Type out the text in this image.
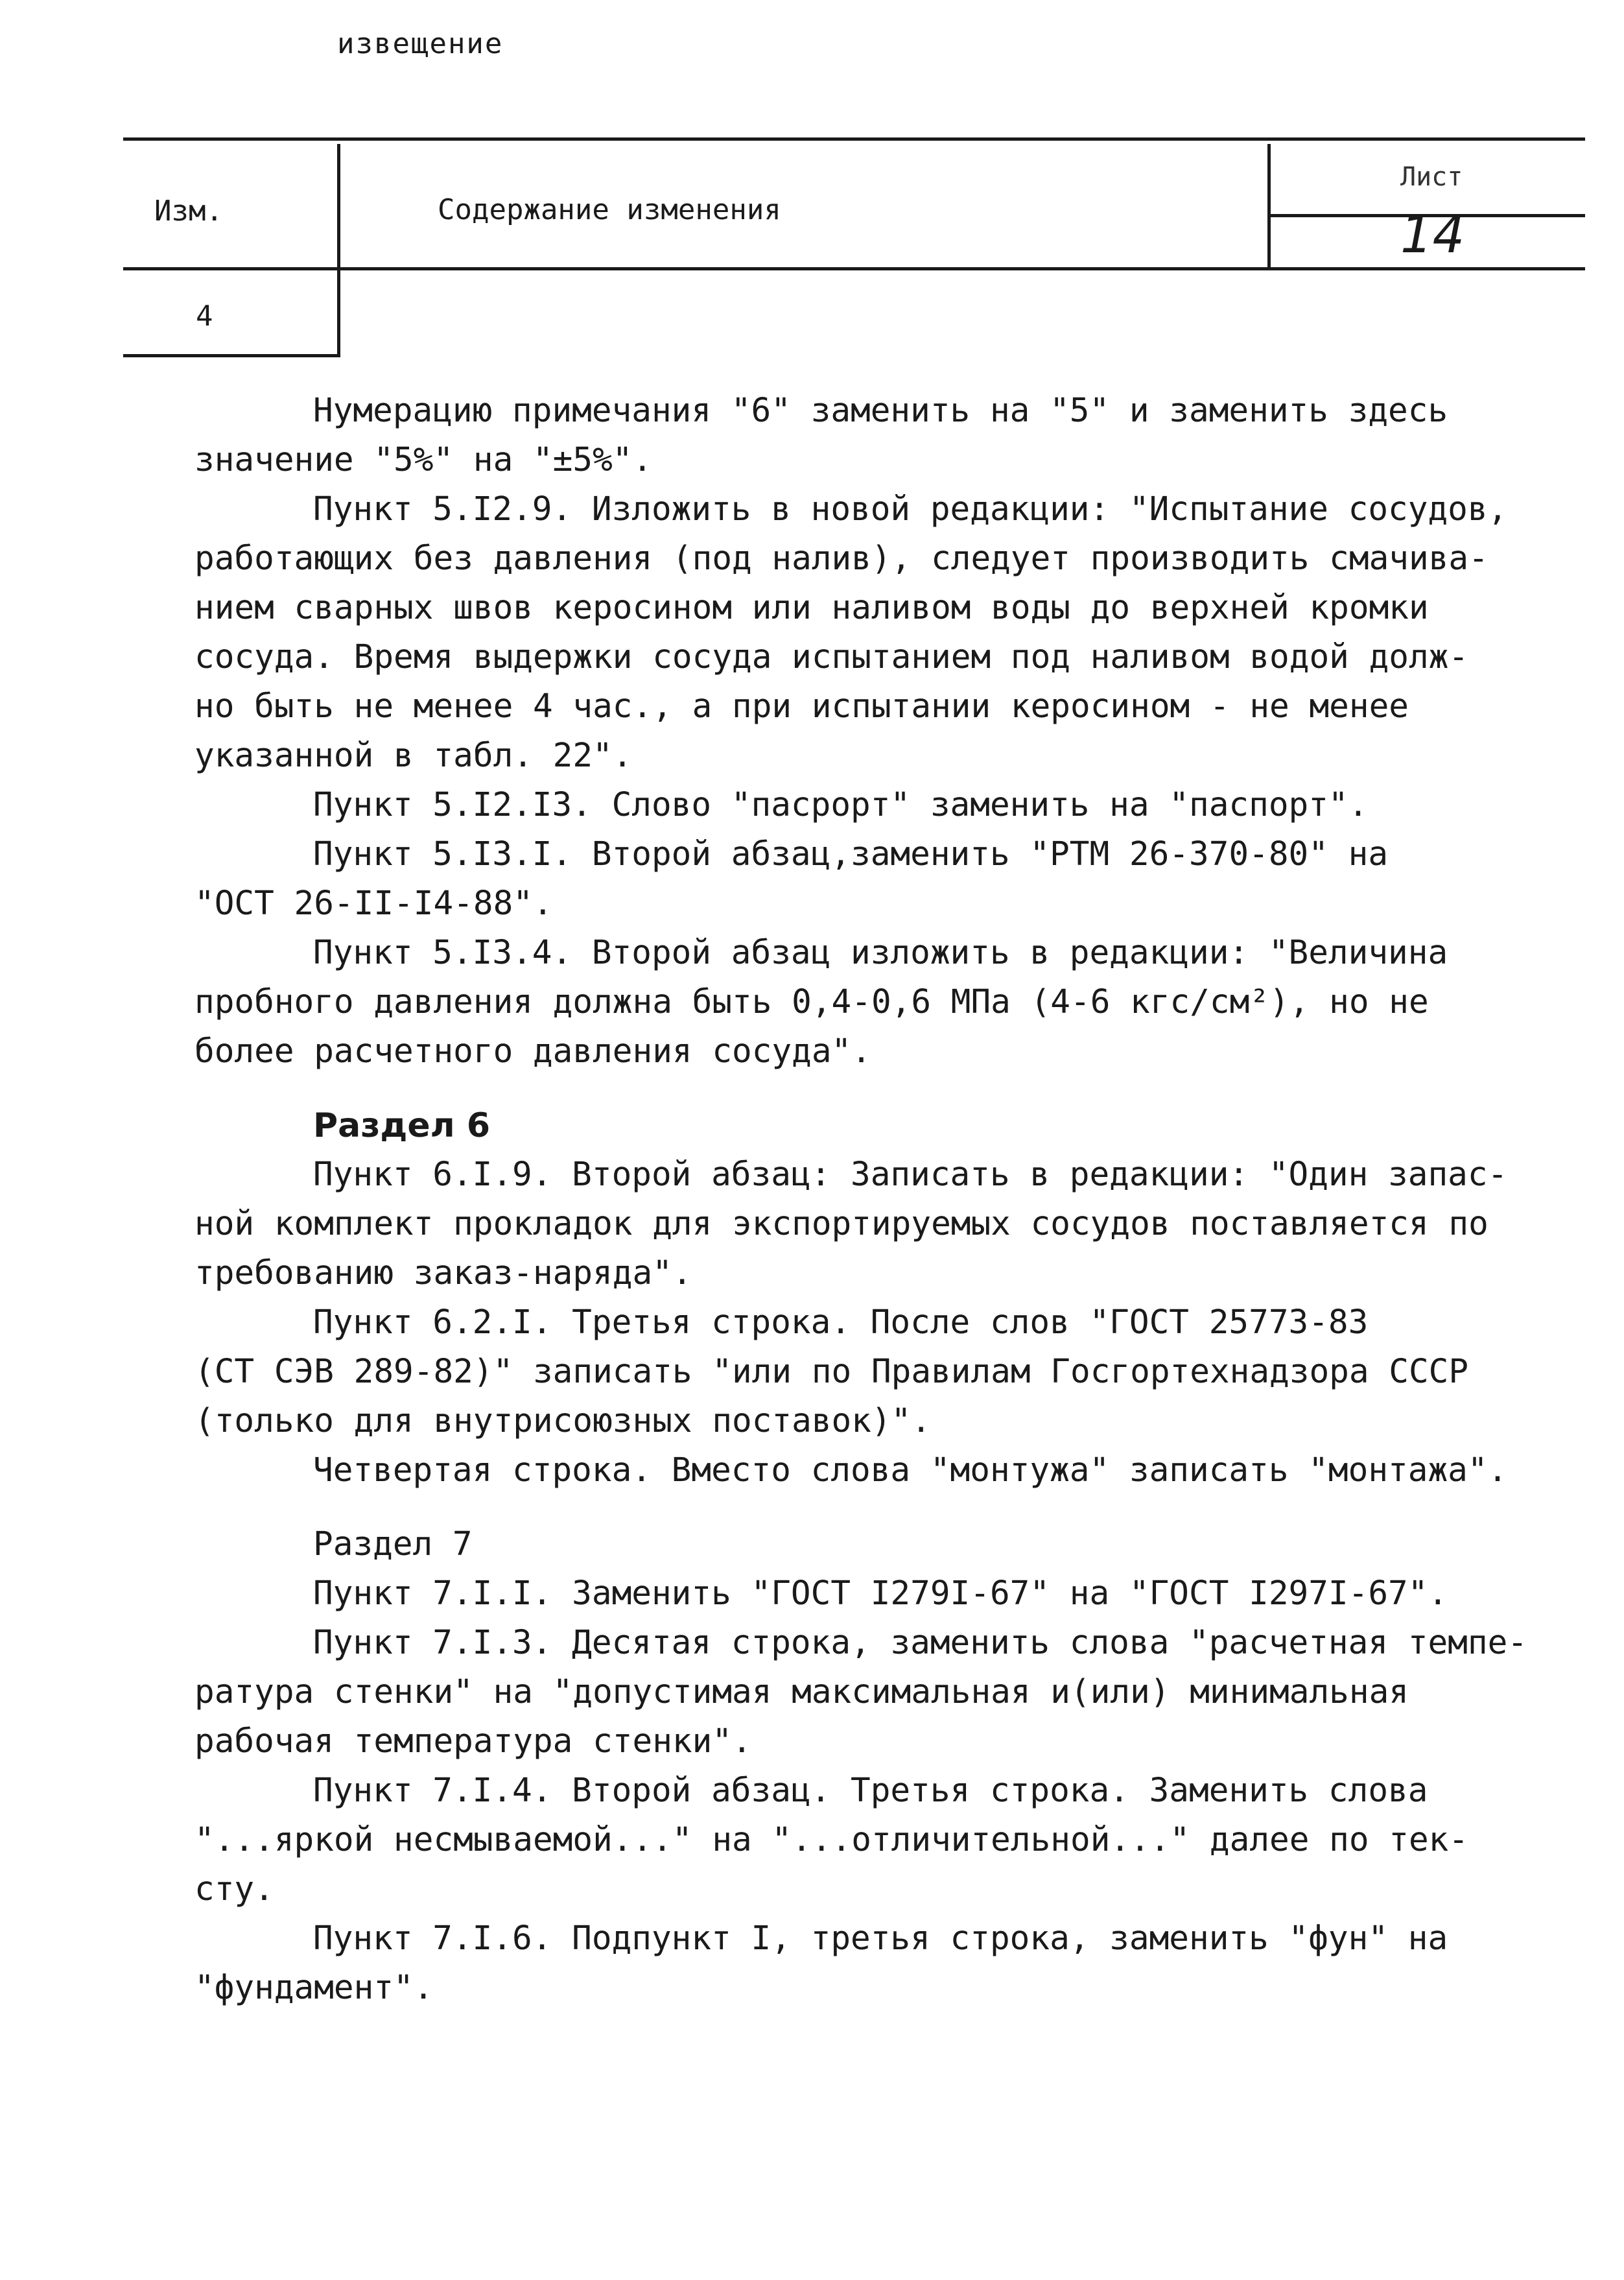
извещение
Изм.	Содержание изменения
Лист
14
4

Нумерацию примечания "6" заменить на "5" и заменить здесь

значение "5%" на "±5%".

Пункт 5.I2.9. Изложить в новой редакции: "Испытание сосудов,

работающих без давления (под налив), следует производить смачива-

нием сварных швов керосином или наливом воды до верхней кромки

сосуда. Время выдержки сосуда испытанием под наливом водой долж-

но быть не менее 4 час., а при испытании керосином - не менее

указанной в табл. 22".

Пункт 5.I2.I3. Слово "пасрорт" заменить на "паспорт".

Пункт 5.I3.I. Второй абзац,заменить "РТМ 26-370-80" на

"ОСТ 26-II-I4-88".

Пункт 5.I3.4. Второй абзац изложить в редакции: "Величина

пробного давления должна быть 0,4-0,6 МПа (4-6 кгс/см²), но не

более расчетного давления сосуда".

Раздел 6

Пункт 6.I.9. Второй абзац: Записать в редакции: "Один запас-

ной комплект прокладок для экспортируемых сосудов поставляется по

требованию заказ-наряда".

Пункт 6.2.I. Третья строка. После слов "ГОСТ 25773-83

(СТ СЭВ 289-82)" записать "или по Правилам Госгортехнадзора СССР

(только для внутрисоюзных поставок)".

Четвертая строка. Вместо слова "монтужа" записать "монтажа".

Раздел 7

Пункт 7.I.I. Заменить "ГОСТ I279I-67" на "ГОСТ I297I-67".

Пункт 7.I.3. Десятая строка, заменить слова "расчетная темпе-

ратура стенки" на "допустимая максимальная и(или) минимальная

рабочая температура стенки".

Пункт 7.I.4. Второй абзац. Третья строка. Заменить слова

"...яркой несмываемой..." на "...отличительной..." далее по тек-

сту.

Пункт 7.I.6. Подпункт I, третья строка, заменить "фун" на

"фундамент".
